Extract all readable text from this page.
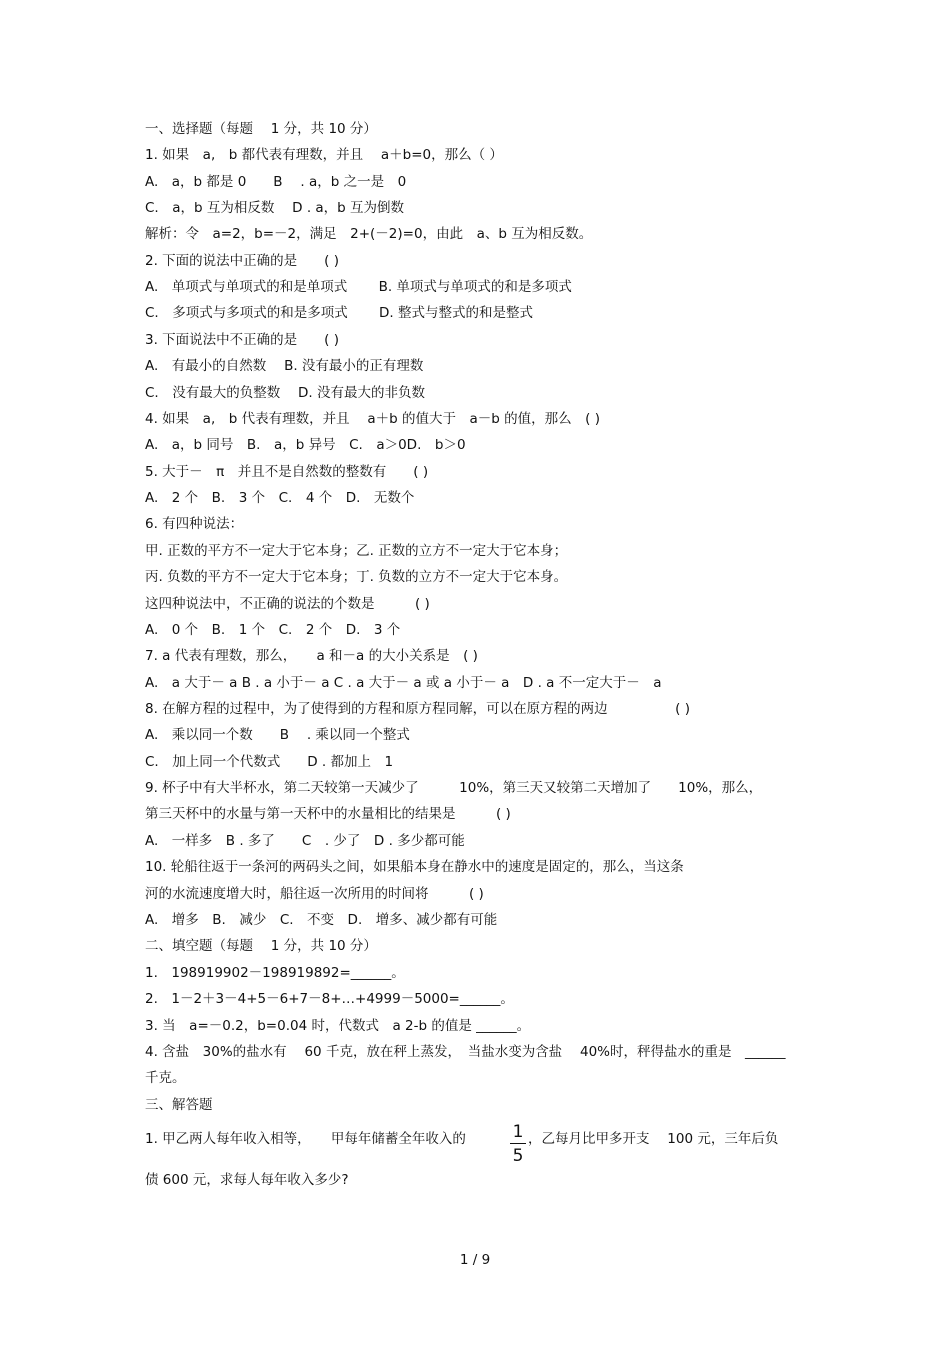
一、选择题（每题　 1 分，共 10 分）
1. 如果　a,　b 都代表有理数，并且　 a＋b=0，那么（ ）
A.　a，b 都是 0　　B　 . a，b 之一是　0
C.　a，b 互为相反数　 D . a，b 互为倒数
解析：令　a=2，b=－2，满足　2+(－2)=0，由此　a、b 互为相反数。
2. 下面的说法中正确的是　　( )
A.　单项式与单项式的和是单项式　　 B. 单项式与单项式的和是多项式
C.　多项式与多项式的和是多项式　　 D. 整式与整式的和是整式
3. 下面说法中不正确的是　　( )
A.　有最小的自然数　 B. 没有最小的正有理数
C.　没有最大的负整数　 D. 没有最大的非负数
4. 如果　a,　b 代表有理数，并且　 a＋b 的值大于　a－b 的值，那么　( )
A.　a，b 同号　B.　a，b 异号　C.　a＞0D.　b＞0
5. 大于－　π　并且不是自然数的整数有　　( )
A.　2 个　B.　3 个　C.　4 个　D.　无数个
6. 有四种说法：
甲. 正数的平方不一定大于它本身；乙. 正数的立方不一定大于它本身；
丙. 负数的平方不一定大于它本身；丁. 负数的立方不一定大于它本身。
这四种说法中，不正确的说法的个数是　　　( )
A.　0 个　B.　1 个　C.　2 个　D.　3 个
7. a 代表有理数，那么，　　a 和－a 的大小关系是　( )
A.　a 大于－ a B . a 小于－ a C . a 大于－ a 或 a 小于－ a　D . a 不一定大于－　a
8. 在解方程的过程中，为了使得到的方程和原方程同解，可以在原方程的两边　　　　　( )
A.　乘以同一个数　　B　 . 乘以同一个整式
C.　加上同一个代数式　　D . 都加上　1
9. 杯子中有大半杯水，第二天较第一天减少了　　　10%，第三天又较第二天增加了　　10%，那么，
第三天杯中的水量与第一天杯中的水量相比的结果是　　　( )
A.　一样多　B . 多了　　C　. 少了　D . 多少都可能
10. 轮船往返于一条河的两码头之间，如果船本身在静水中的速度是固定的，那么，当这条
河的水流速度增大时，船往返一次所用的时间将　　　( )
A.　增多　B.　减少　C.　不变　D.　增多、减少都有可能
二、填空题（每题　 1 分，共 10 分）
1.　198919902－198919892=______。
2.　1－2＋3－4+5－6+7－8+…+4999－5000=______。
3. 当　a=－0.2，b=0.04 时，代数式　a 2-b 的值是 ______。
4. 含盐　30%的盐水有　 60 千克，放在秤上蒸发，　当盐水变为含盐　 40%时，秤得盐水的重是　______
千克。
三、解答题
1. 甲乙两人每年收入相等，　　甲每年储蓄全年收入的	1
5
，乙每月比甲多开支　 100 元，三年后负
债 600 元，求每人每年收入多少?
1 / 9
